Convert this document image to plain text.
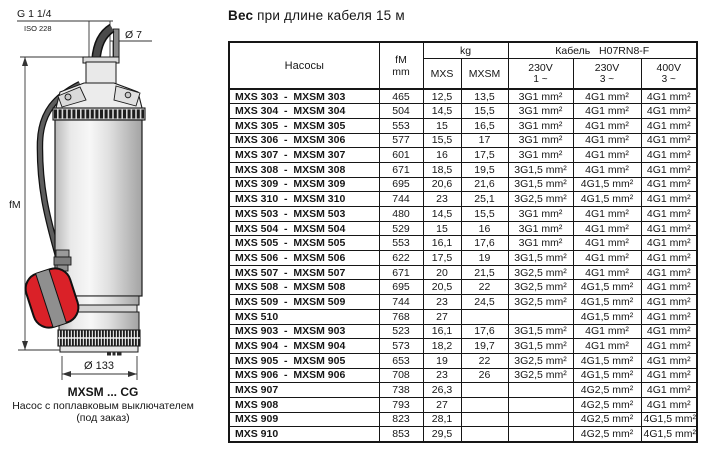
fM
G 1 1/4
ISO 228
Ø 7
Ø 133
MXSM ... CG
Насос с поплавковым выключателем
(под заказ)
Вес при длине кабеля 15 м
Насосы	fM
mm	kg		Кабель H07RN8-F		
MXS	MXSM	230V
1 ~

230V
3 ~

400V
3 ~

MXS 303  -  MXSM 303	465	12,5	13,5	3G1 mm²	4G1 mm²	4G1 mm²
MXS 304  -  MXSM 304	504	14,5	15,5	3G1 mm²	4G1 mm²	4G1 mm²
MXS 305  -  MXSM 305	553	15	16,5	3G1 mm²	4G1 mm²	4G1 mm²
MXS 306  -  MXSM 306	577	15,5	17	3G1 mm²	4G1 mm²	4G1 mm²
MXS 307  -  MXSM 307	601	16	17,5	3G1 mm²	4G1 mm²	4G1 mm²
MXS 308  -  MXSM 308	671	18,5	19,5	3G1,5 mm²	4G1 mm²	4G1 mm²
MXS 309  -  MXSM 309	695	20,6	21,6	3G1,5 mm²	4G1,5 mm²	4G1 mm²
MXS 310  -  MXSM 310	744	23	25,1	3G2,5 mm²	4G1,5 mm²	4G1 mm²
MXS 503  -  MXSM 503	480	14,5	15,5	3G1 mm²	4G1 mm²	4G1 mm²
MXS 504  -  MXSM 504	529	15	16	3G1 mm²	4G1 mm²	4G1 mm²
MXS 505  -  MXSM 505	553	16,1	17,6	3G1 mm²	4G1 mm²	4G1 mm²
MXS 506  -  MXSM 506	622	17,5	19	3G1,5 mm²	4G1 mm²	4G1 mm²
MXS 507  -  MXSM 507	671	20	21,5	3G2,5 mm²	4G1 mm²	4G1 mm²
MXS 508  -  MXSM 508	695	20,5	22	3G2,5 mm²	4G1,5 mm²	4G1 mm²
MXS 509  -  MXSM 509	744	23	24,5	3G2,5 mm²	4G1,5 mm²	4G1 mm²
MXS 510	768	27			4G1,5 mm²	4G1 mm²
MXS 903  -  MXSM 903	523	16,1	17,6	3G1,5 mm²	4G1 mm²	4G1 mm²
MXS 904  -  MXSM 904	573	18,2	19,7	3G1,5 mm²	4G1 mm²	4G1 mm²
MXS 905  -  MXSM 905	653	19	22	3G2,5 mm²	4G1,5 mm²	4G1 mm²
MXS 906  -  MXSM 906	708	23	26	3G2,5 mm²	4G1,5 mm²	4G1 mm²
MXS 907	738	26,3			4G2,5 mm²	4G1 mm²
MXS 908	793	27			4G2,5 mm²	4G1 mm²
MXS 909	823	28,1			4G2,5 mm²	4G1,5 mm²
MXS 910	853	29,5			4G2,5 mm²	4G1,5 mm²
